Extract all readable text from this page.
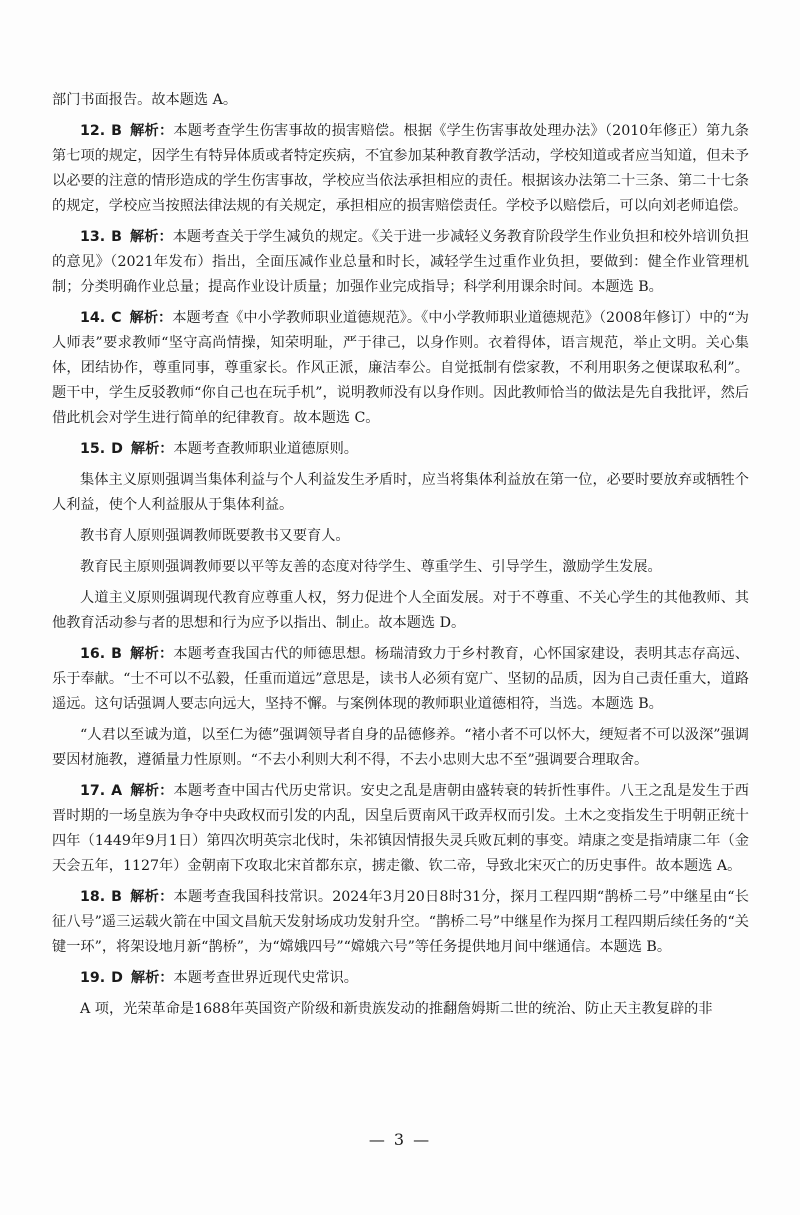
部门书面报告。故本题选 A。

12. B 解析：本题考查学生伤害事故的损害赔偿。根据《学生伤害事故处理办法》（2010年修正）第九条第七项的规定，因学生有特异体质或者特定疾病，不宜参加某种教育教学活动，学校知道或者应当知道，但未予以必要的注意的情形造成的学生伤害事故，学校应当依法承担相应的责任。根据该办法第二十三条、第二十七条的规定，学校应当按照法律法规的有关规定，承担相应的损害赔偿责任。学校予以赔偿后，可以向刘老师追偿。

13. B 解析：本题考查关于学生减负的规定。《关于进一步减轻义务教育阶段学生作业负担和校外培训负担的意见》（2021年发布）指出，全面压减作业总量和时长，减轻学生过重作业负担，要做到：健全作业管理机制；分类明确作业总量；提高作业设计质量；加强作业完成指导；科学利用课余时间。本题选 B。

14. C 解析：本题考查《中小学教师职业道德规范》。《中小学教师职业道德规范》（2008年修订）中的“为人师表”要求教师“坚守高尚情操，知荣明耻，严于律己，以身作则。衣着得体，语言规范，举止文明。关心集体，团结协作，尊重同事，尊重家长。作风正派，廉洁奉公。自觉抵制有偿家教，不利用职务之便谋取私利”。题干中，学生反驳教师“你自己也在玩手机”，说明教师没有以身作则。因此教师恰当的做法是先自我批评，然后借此机会对学生进行简单的纪律教育。故本题选 C。

15. D 解析：本题考查教师职业道德原则。

集体主义原则强调当集体利益与个人利益发生矛盾时，应当将集体利益放在第一位，必要时要放弃或牺牲个人利益，使个人利益服从于集体利益。

教书育人原则强调教师既要教书又要育人。

教育民主原则强调教师要以平等友善的态度对待学生、尊重学生、引导学生，激励学生发展。

人道主义原则强调现代教育应尊重人权，努力促进个人全面发展。对于不尊重、不关心学生的其他教师、其他教育活动参与者的思想和行为应予以指出、制止。故本题选 D。

16. B 解析：本题考查我国古代的师德思想。杨瑞清致力于乡村教育，心怀国家建设，表明其志存高远、乐于奉献。“士不可以不弘毅，任重而道远”意思是，读书人必须有宽广、坚韧的品质，因为自己责任重大，道路遥远。这句话强调人要志向远大，坚持不懈。与案例体现的教师职业道德相符，当选。本题选 B。

“人君以至诚为道，以至仁为德”强调领导者自身的品德修养。“褚小者不可以怀大，绠短者不可以汲深”强调要因材施教，遵循量力性原则。“不去小利则大利不得，不去小忠则大忠不至”强调要合理取舍。

17. A 解析：本题考查中国古代历史常识。安史之乱是唐朝由盛转衰的转折性事件。八王之乱是发生于西晋时期的一场皇族为争夺中央政权而引发的内乱，因皇后贾南风干政弄权而引发。土木之变指发生于明朝正统十四年（1449年9月1日）第四次明英宗北伐时，朱祁镇因情报失灵兵败瓦剌的事变。靖康之变是指靖康二年（金天会五年，1127年）金朝南下攻取北宋首都东京，掳走徽、钦二帝，导致北宋灭亡的历史事件。故本题选 A。

18. B 解析：本题考查我国科技常识。2024年3月20日8时31分，探月工程四期“鹊桥二号”中继星由“长征八号”遥三运载火箭在中国文昌航天发射场成功发射升空。“鹊桥二号”中继星作为探月工程四期后续任务的“关键一环”，将架设地月新“鹊桥”，为“嫦娥四号”“嫦娥六号”等任务提供地月间中继通信。本题选 B。

19. D 解析：本题考查世界近现代史常识。

A 项，光荣革命是1688年英国资产阶级和新贵族发动的推翻詹姆斯二世的统治、防止天主教复辟的非

— 3 —
